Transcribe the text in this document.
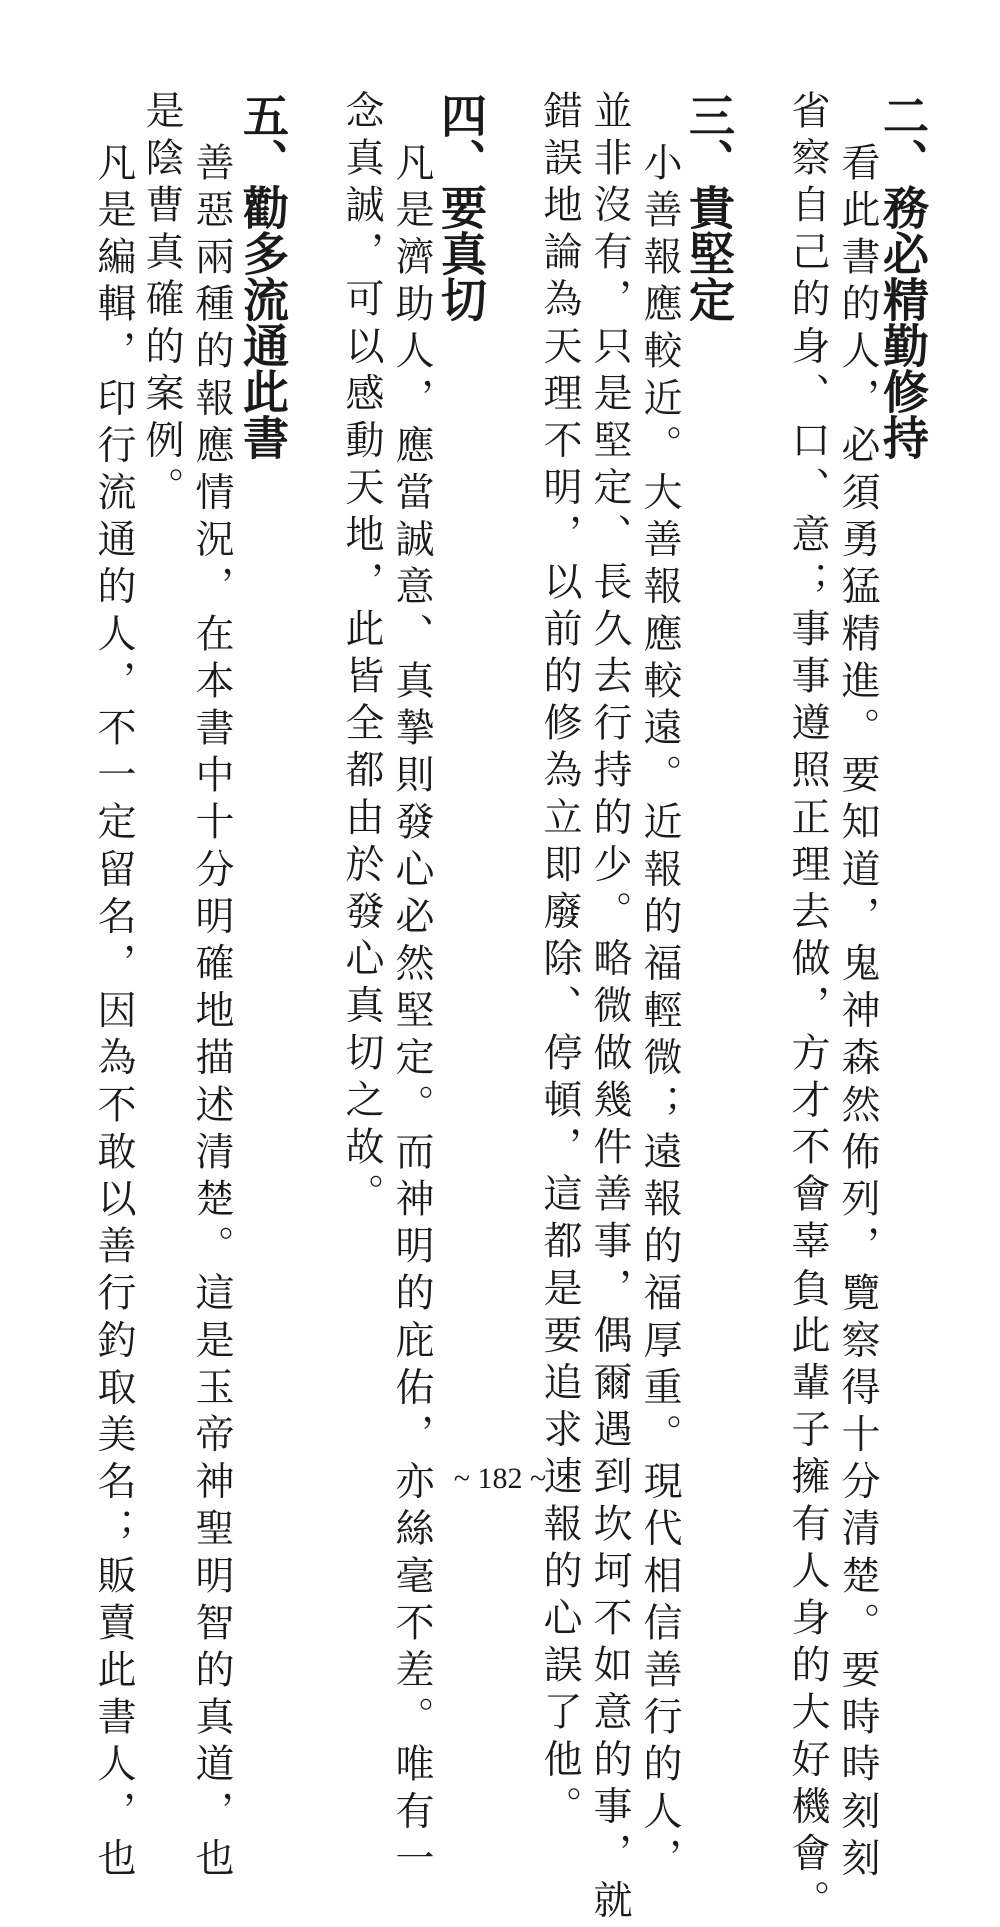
二、務必精勤修持
看此書的人，必須勇猛精進。要知道，鬼神森然佈列，覽察得十分清楚。要時時刻刻
省察自己的身、口、意；事事遵照正理去做，方才不會辜負此輩子擁有人身的大好機會。
三、貴堅定
小善報應較近。大善報應較遠。近報的福輕微；遠報的福厚重。現代相信善行的人，
並非沒有，只是堅定、長久去行持的少。略微做幾件善事，偶爾遇到坎坷不如意的事，就
錯誤地論為天理不明，以前的修為立即廢除、停頓，這都是要追求速報的心誤了他。
四、要真切
凡是濟助人，應當誠意、真摯則發心必然堅定。而神明的庇佑，亦絲毫不差。唯有一
念真誠，可以感動天地，此皆全都由於發心真切之故。
五、勸多流通此書
善惡兩種的報應情況，在本書中十分明確地描述清楚。這是玉帝神聖明智的真道，也
是陰曹真確的案例。
凡是編輯，印行流通的人，不一定留名，因為不敢以善行釣取美名；販賣此書人，也	~ 182 ~
